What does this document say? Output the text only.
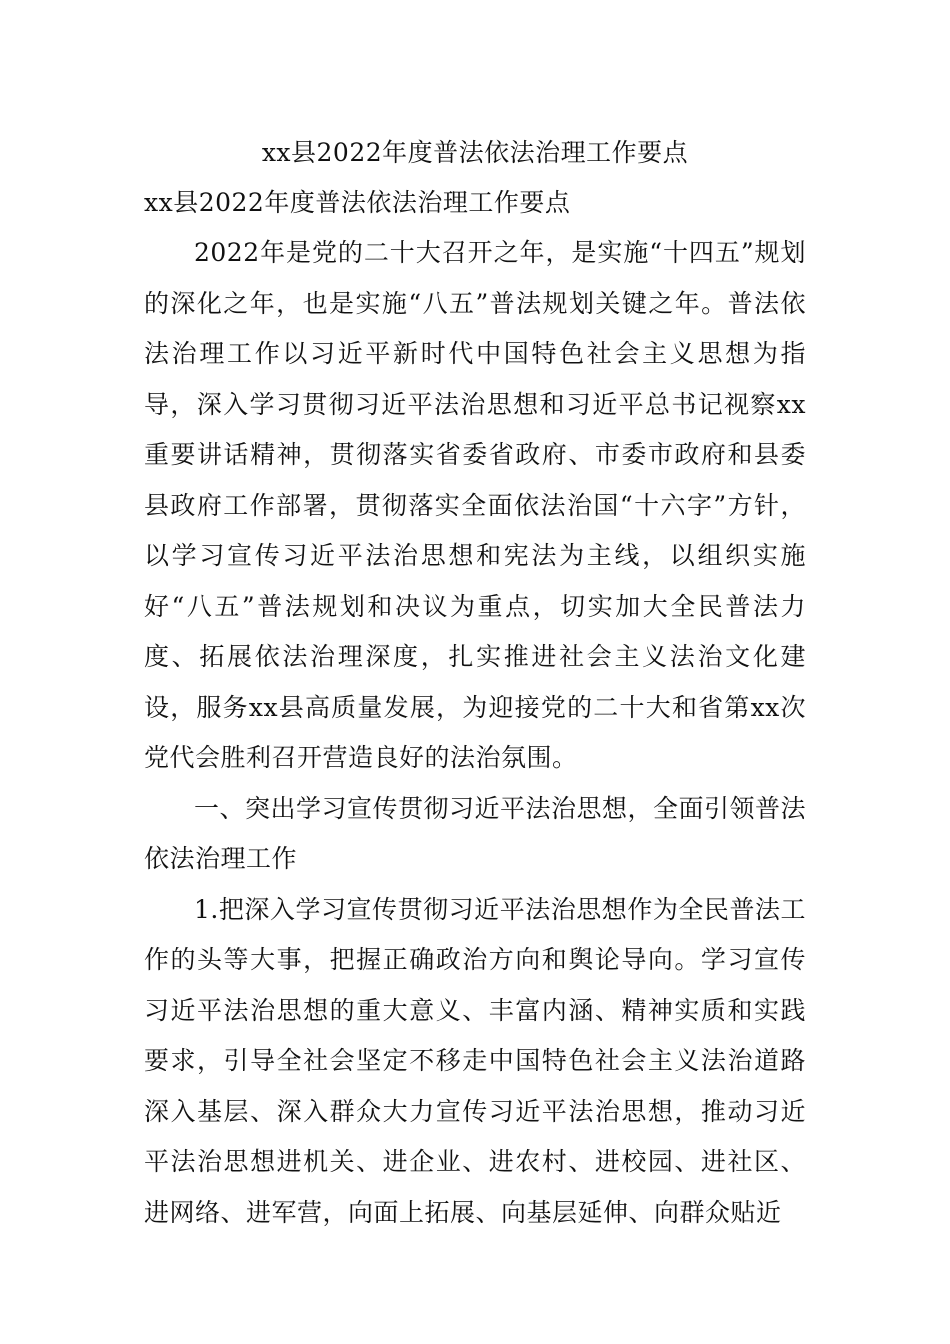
xx县2022年度普法依法治理工作要点
xx县2022年度普法依法治理工作要点

2022年是党的二十大召开之年，是实施“十四五”规划的深化之年，也是实施“八五”普法规划关键之年。普法依法治理工作以习近平新时代中国特色社会主义思想为指导，深入学习贯彻习近平法治思想和习近平总书记视察xx重要讲话精神，贯彻落实省委省政府、市委市政府和县委县政府工作部署，贯彻落实全面依法治国“十六字”方针，以学习宣传习近平法治思想和宪法为主线，以组织实施好“八五”普法规划和决议为重点，切实加大全民普法力度、拓展依法治理深度，扎实推进社会主义法治文化建设，服务xx县高质量发展，为迎接党的二十大和省第xx次党代会胜利召开营造良好的法治氛围。

一、突出学习宣传贯彻习近平法治思想，全面引领普法依法治理工作

1.把深入学习宣传贯彻习近平法治思想作为全民普法工作的头等大事，把握正确政治方向和舆论导向。学习宣传习近平法治思想的重大意义、丰富内涵、精神实质和实践要求，引导全社会坚定不移走中国特色社会主义法治道路深入基层、深入群众大力宣传习近平法治思想，推动习近平法治思想进机关、进企业、进农村、进校园、进社区、进网络、进军营，向面上拓展、向基层延伸、向群众贴近
